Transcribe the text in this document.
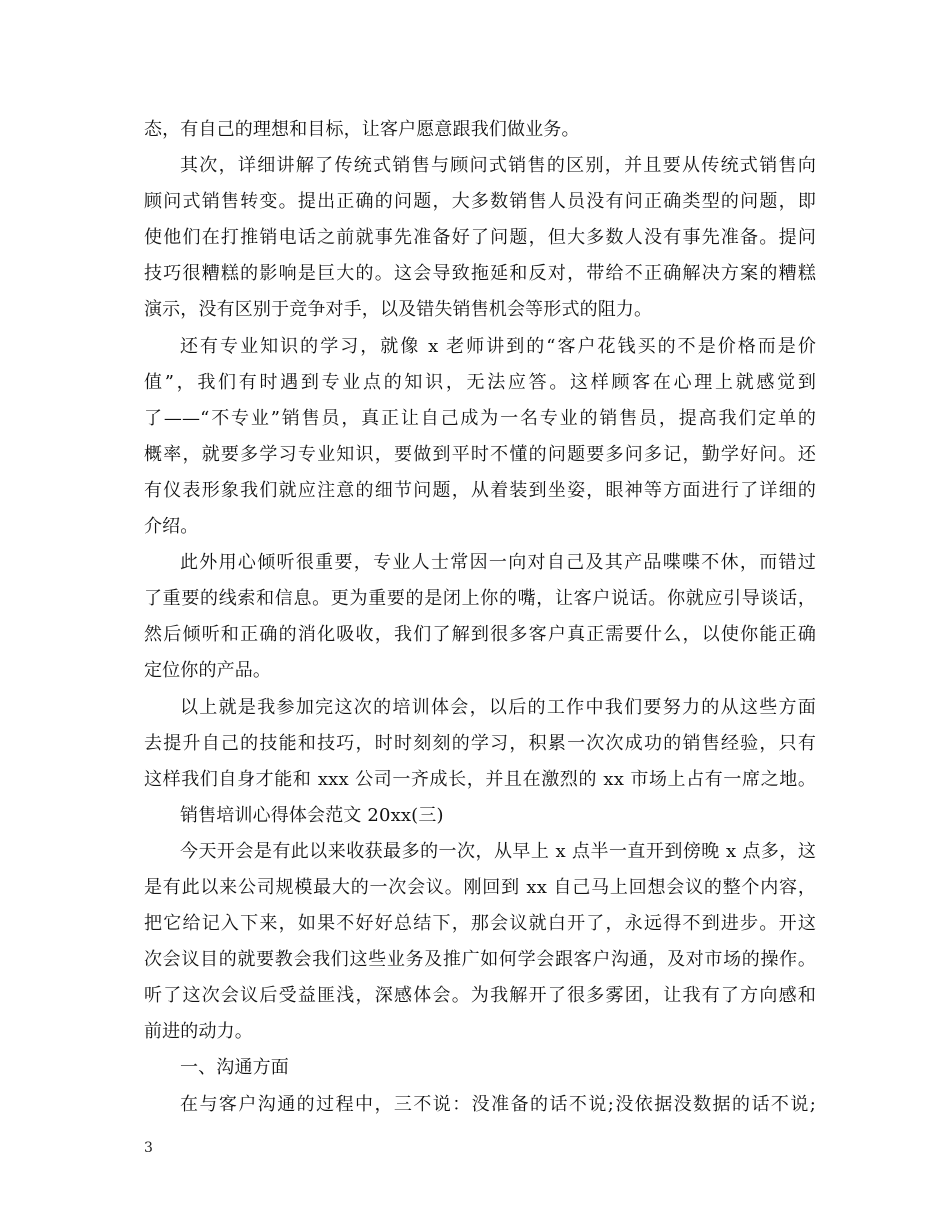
态，有自己的理想和目标，让客户愿意跟我们做业务。
其次，详细讲解了传统式销售与顾问式销售的区别，并且要从传统式销售向
顾问式销售转变。提出正确的问题，大多数销售人员没有问正确类型的问题，即
使他们在打推销电话之前就事先准备好了问题，但大多数人没有事先准备。提问
技巧很糟糕的影响是巨大的。这会导致拖延和反对，带给不正确解决方案的糟糕
演示，没有区别于竞争对手，以及错失销售机会等形式的阻力。
还有专业知识的学习，就像 x 老师讲到的“客户花钱买的不是价格而是价
值”，我们有时遇到专业点的知识，无法应答。这样顾客在心理上就感觉到
了——“不专业”销售员，真正让自己成为一名专业的销售员，提高我们定单的
概率，就要多学习专业知识，要做到平时不懂的问题要多问多记，勤学好问。还
有仪表形象我们就应注意的细节问题，从着装到坐姿，眼神等方面进行了详细的
介绍。
此外用心倾听很重要，专业人士常因一向对自己及其产品喋喋不休，而错过
了重要的线索和信息。更为重要的是闭上你的嘴，让客户说话。你就应引导谈话，
然后倾听和正确的消化吸收，我们了解到很多客户真正需要什么，以使你能正确
定位你的产品。
以上就是我参加完这次的培训体会，以后的工作中我们要努力的从这些方面
去提升自己的技能和技巧，时时刻刻的学习，积累一次次成功的销售经验，只有
这样我们自身才能和 xxx 公司一齐成长，并且在激烈的 xx 市场上占有一席之地。
销售培训心得体会范文 20xx(三)
今天开会是有此以来收获最多的一次，从早上 x 点半一直开到傍晚 x 点多，这
是有此以来公司规模最大的一次会议。刚回到 xx 自己马上回想会议的整个内容，
把它给记入下来，如果不好好总结下，那会议就白开了，永远得不到进步。开这
次会议目的就要教会我们这些业务及推广如何学会跟客户沟通，及对市场的操作。
听了这次会议后受益匪浅，深感体会。为我解开了很多雾团，让我有了方向感和
前进的动力。
一、沟通方面
在与客户沟通的过程中，三不说：没准备的话不说;没依据没数据的话不说;
3
